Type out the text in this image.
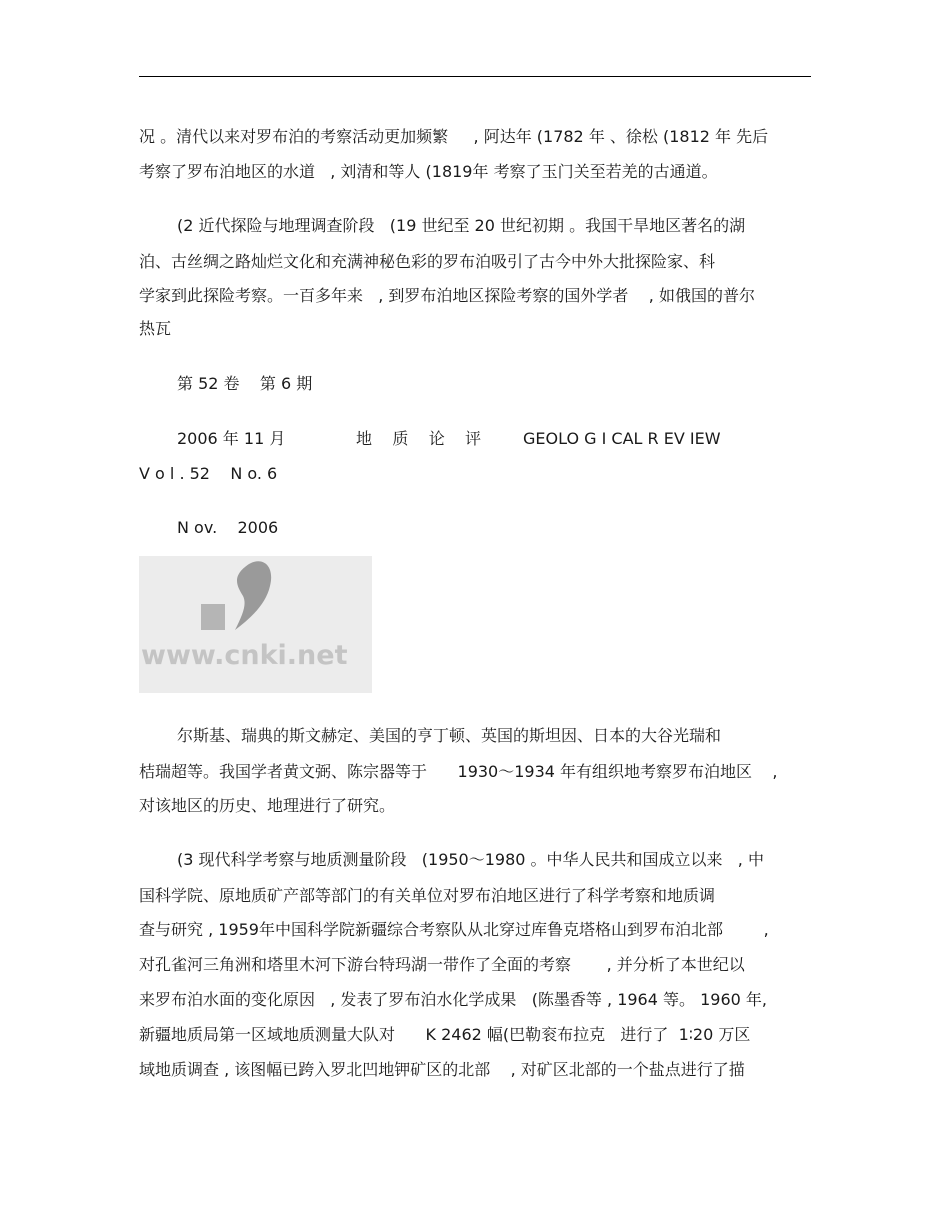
况 。清代以来对罗布泊的考察活动更加频繁     , 阿达年 (1782 年 、徐松 (1812 年 先后
考察了罗布泊地区的水道   , 刘清和等人 (1819年 考察了玉门关至若羌的古通道。
(2 近代探险与地理调查阶段   (19 世纪至 20 世纪初期 。我国干旱地区著名的湖
泊、古丝绸之路灿烂文化和充满神秘色彩的罗布泊吸引了古今中外大批探险家、科
学家到此探险考察。一百多年来   , 到罗布泊地区探险考察的国外学者    , 如俄国的普尔
热瓦
第 52 卷    第 6 期
2006 年 11 月	地    质    论    评	GEOLO G I CAL R EV IEW
V o l . 52    N o. 6
N ov.    2006
www.cnki.net
尔斯基、瑞典的斯文赫定、美国的亨丁顿、英国的斯坦因、日本的大谷光瑞和
桔瑞超等。我国学者黄文弼、陈宗器等于      1930～1934 年有组织地考察罗布泊地区    ,
对该地区的历史、地理进行了研究。
(3 现代科学考察与地质测量阶段   (1950～1980 。中华人民共和国成立以来   , 中
国科学院、原地质矿产部等部门的有关单位对罗布泊地区进行了科学考察和地质调
查与研究 , 1959年中国科学院新疆综合考察队从北穿过库鲁克塔格山到罗布泊北部        ,
对孔雀河三角洲和塔里木河下游台特玛湖一带作了全面的考察       , 并分析了本世纪以
来罗布泊水面的变化原因   , 发表了罗布泊水化学成果   (陈墨香等 , 1964 等。 1960 年,
新疆地质局第一区域地质测量大队对      K 2462 幅(巴勒衮布拉克   进行了  1∶20 万区
域地质调查 , 该图幅已跨入罗北凹地钾矿区的北部    , 对矿区北部的一个盐点进行了描
